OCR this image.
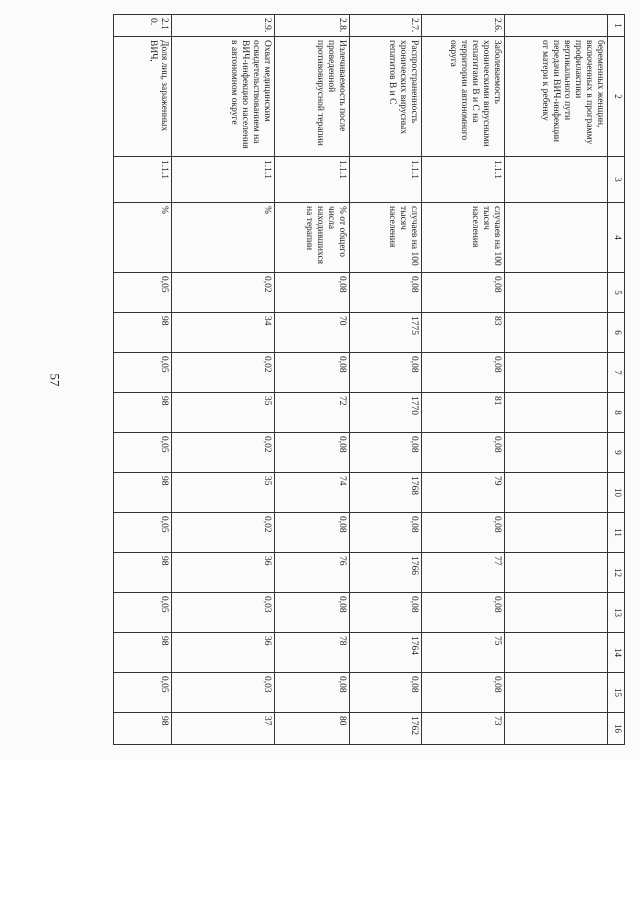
57
1	2	3	4	5	6	7	8	9	10	11	12	13	14	15	16
	беременных женщин, включенных в программу профилактики вертикального пути передачи ВИЧ-инфекции от матери к ребенку														
2.6.	Заболеваемость хроническими вирусными гепатитами В и С на территории автономного округа	1.1.1	случаев на 100 тысяч населения	0,08	83	0,08	81	0,08	79	0,08	77	0,08	75	0,08	73
2.7.	Распространенность хронических вирусных гепатитов В и С	1.1.1	случаев на 100 тысяч населения	0,08	1775	0,08	1770	0,08	1768	0,08	1766	0,08	1764	0,08	1762
2.8.	Излечиваемость после проведенной противовирусной терапии	1.1.1	% от общего числа находившихся на терапии	0,08	70	0,08	72	0,08	74	0,08	76	0,08	78	0,08	80
2.9.	Охват медицинским освидетельствованием на ВИЧ-инфекцию населения в автономном округе	1.1.1	%	0,02	34	0,02	35	0,02	35	0,02	36	0,03	36	0,03	37
2.10.	Доля лиц, зараженных ВИЧ,	1.1.1	%	0,05	98	0,05	98	0,05	98	0,05	98	0,05	98	0,05	98
